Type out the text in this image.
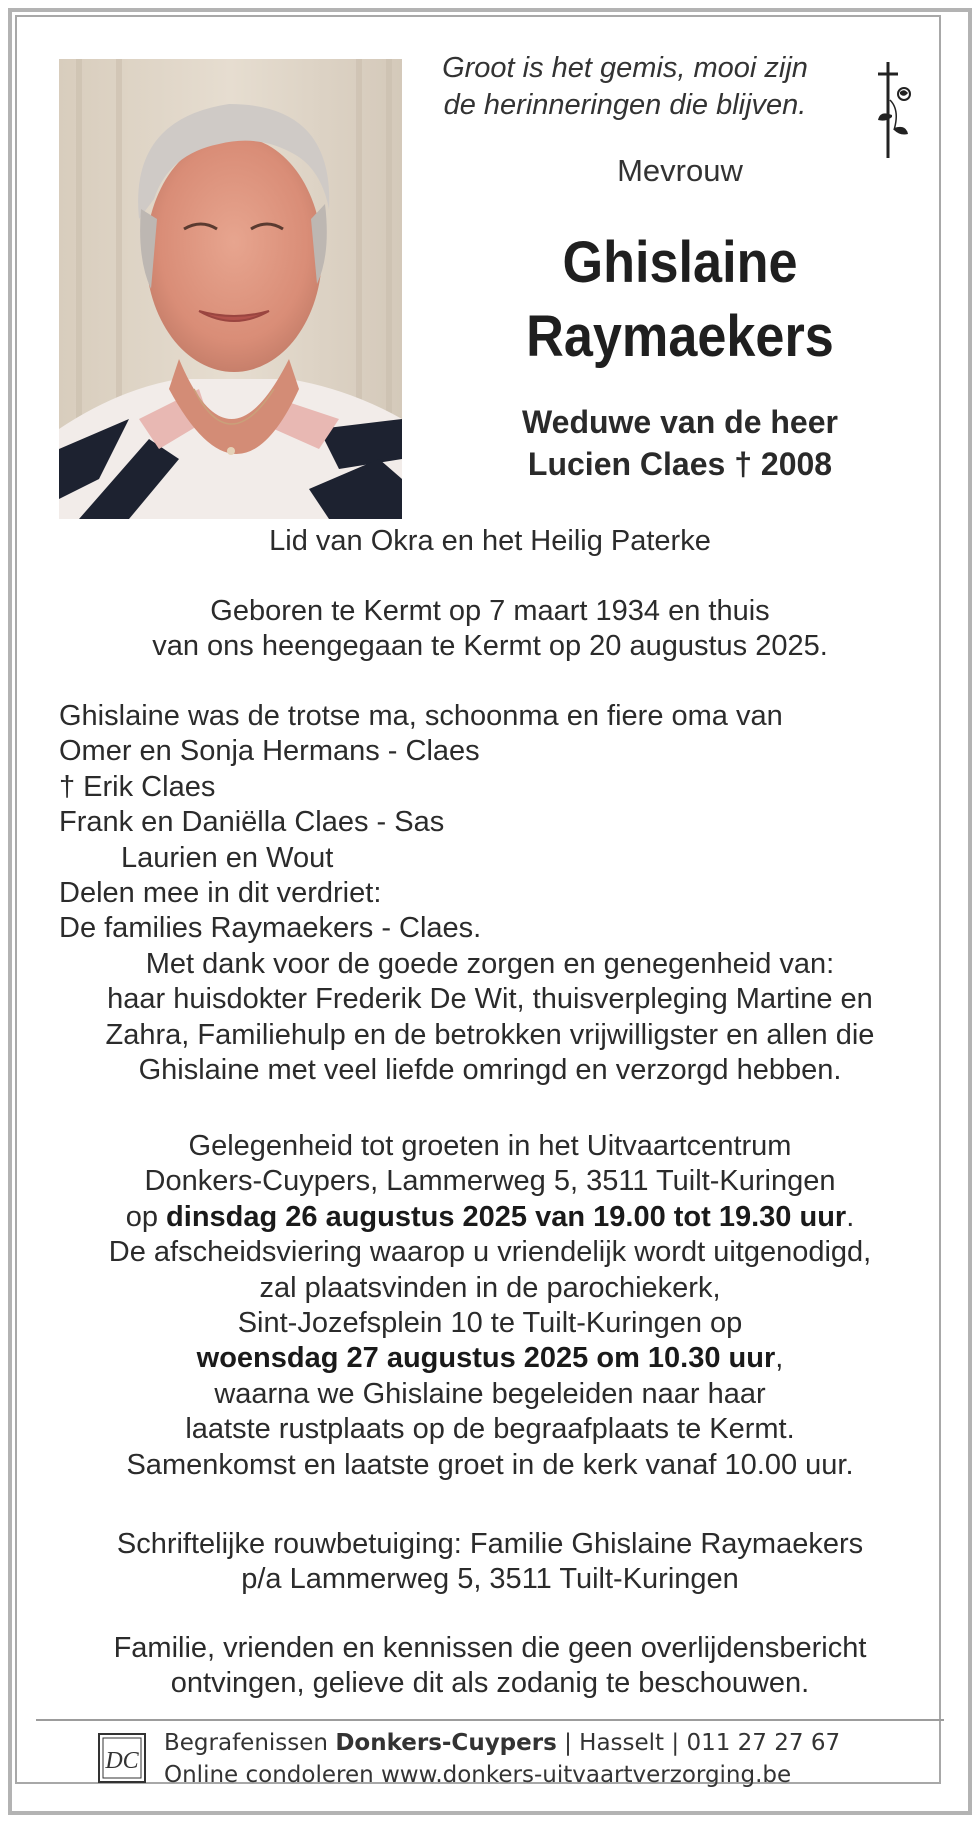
Groot is het gemis, mooi zijn
de herinneringen die blijven.
Mevrouw
Ghislaine
Raymaekers
Weduwe van de heer
Lucien Claes † 2008
Lid van Okra en het Heilig Paterke
Geboren te Kermt op 7 maart 1934 en thuis
van ons heengegaan te Kermt op 20 augustus 2025.
Ghislaine was de trotse ma, schoonma en fiere oma van
Omer en Sonja Hermans - Claes
† Erik Claes
Frank en Daniëlla Claes - Sas
Laurien en Wout
Delen mee in dit verdriet:
De families Raymaekers - Claes.
Met dank voor de goede zorgen en genegenheid van:
haar huisdokter Frederik De Wit, thuisverpleging Martine en
Zahra, Familiehulp en de betrokken vrijwilligster en allen die
Ghislaine met veel liefde omringd en verzorgd hebben.
Gelegenheid tot groeten in het Uitvaartcentrum
Donkers-Cuypers, Lammerweg 5, 3511 Tuilt-Kuringen
op dinsdag 26 augustus 2025 van 19.00 tot 19.30 uur.
De afscheidsviering waarop u vriendelijk wordt uitgenodigd,
zal plaatsvinden in de parochiekerk,
Sint-Jozefsplein 10 te Tuilt-Kuringen op
woensdag 27 augustus 2025 om 10.30 uur,
waarna we Ghislaine begeleiden naar haar
laatste rustplaats op de begraafplaats te Kermt.
Samenkomst en laatste groet in de kerk vanaf 10.00 uur.
Schriftelijke rouwbetuiging: Familie Ghislaine Raymaekers
p/a Lammerweg 5, 3511 Tuilt-Kuringen
Familie, vrienden en kennissen die geen overlijdensbericht
ontvingen, gelieve dit als zodanig te beschouwen.
DC
Begrafenissen Donkers-Cuypers | Hasselt | 011 27 27 67
Online condoleren www.donkers-uitvaartverzorging.be
